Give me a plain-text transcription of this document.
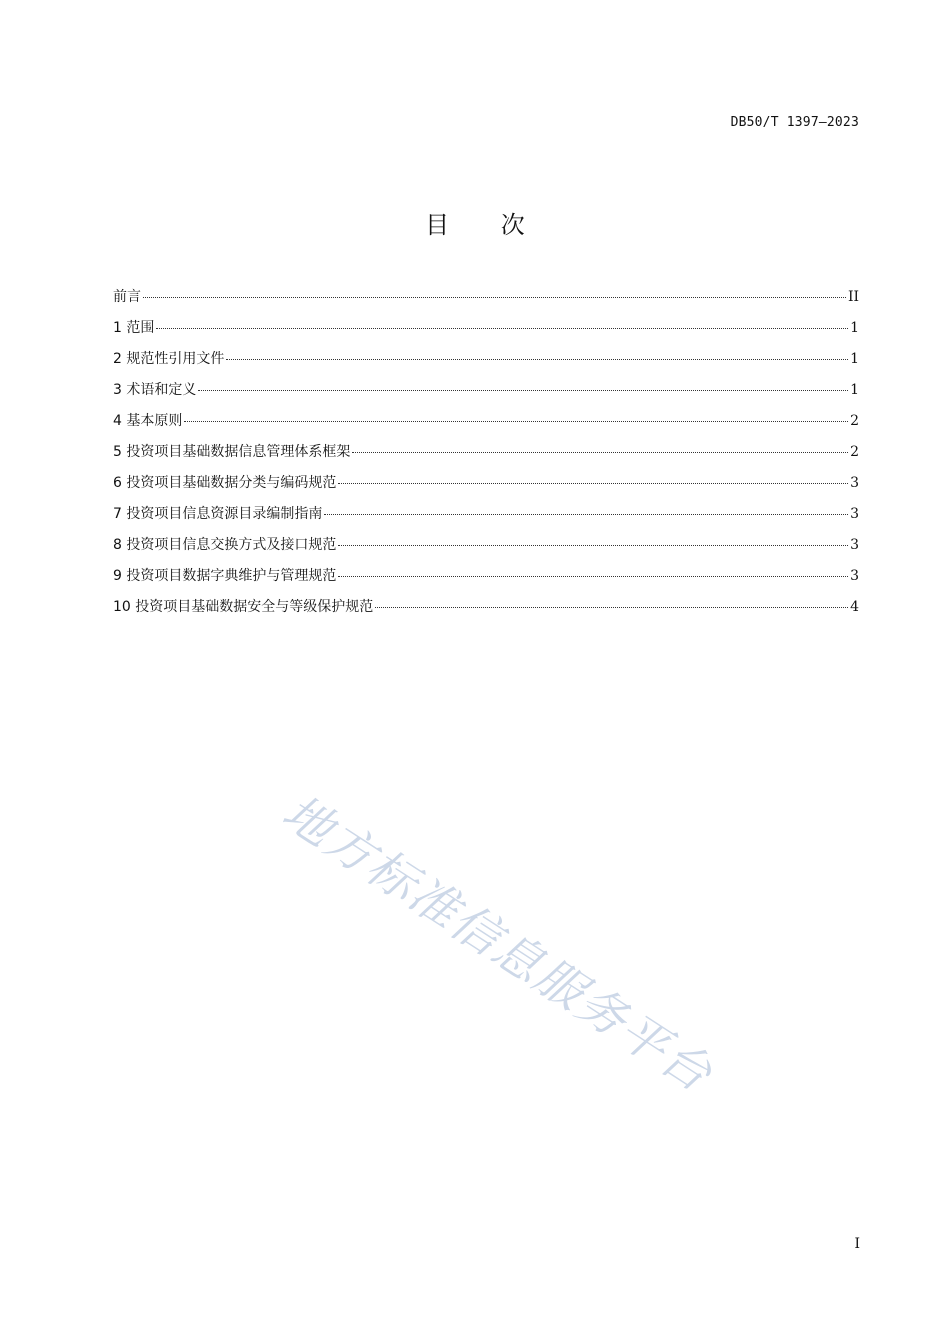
DB50/T 1397—2023
目 次
前言	II
1 范围	1
2 规范性引用文件	1
3 术语和定义	1
4 基本原则	2
5 投资项目基础数据信息管理体系框架	2
6 投资项目基础数据分类与编码规范	3
7 投资项目信息资源目录编制指南	3
8 投资项目信息交换方式及接口规范	3
9 投资项目数据字典维护与管理规范	3
10 投资项目基础数据安全与等级保护规范	4
地方标准信息服务平台
I
